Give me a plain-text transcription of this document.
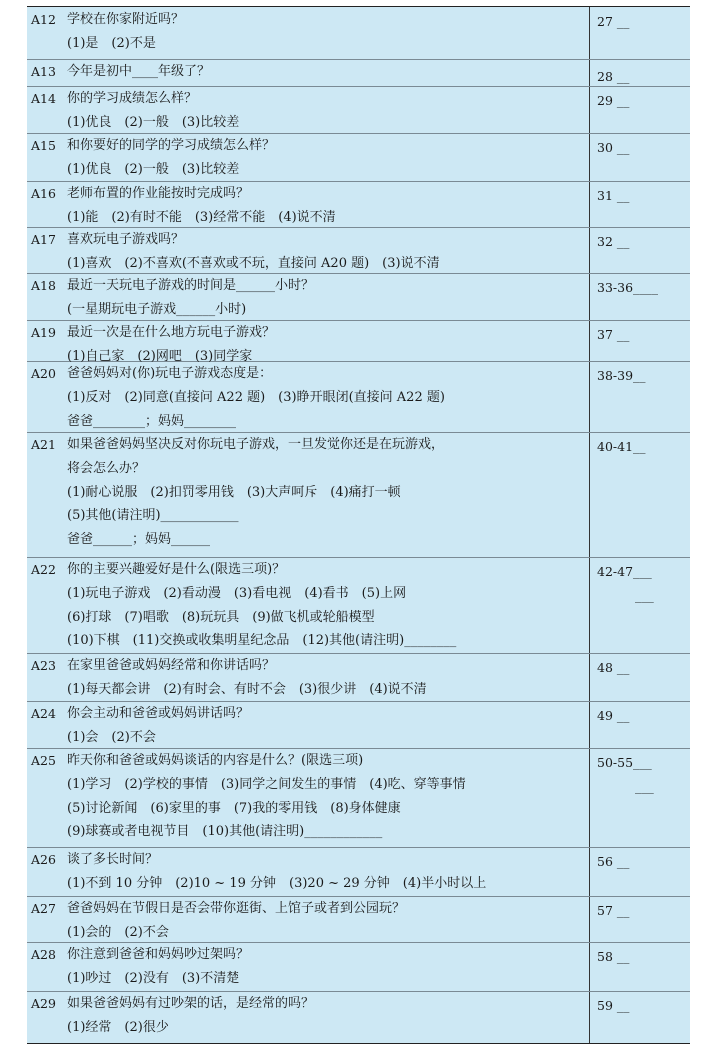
A12 学校在你家附近吗？
(1)是　(2)不是
27 __
A13 今年是初中____年级了？	28 __
A14 你的学习成绩怎么样？
(1)优良　(2)一般　(3)比较差
29 __
A15 和你要好的同学的学习成绩怎么样？
(1)优良　(2)一般　(3)比较差
30 __
A16 老师布置的作业能按时完成吗？
(1)能　(2)有时不能　(3)经常不能　(4)说不清
31 __
A17 喜欢玩电子游戏吗？
(1)喜欢　(2)不喜欢(不喜欢或不玩，直接问 A20 题)　(3)说不清
32 __
A18 最近一天玩电子游戏的时间是______小时？
(一星期玩电子游戏______小时)
33-36____
A19 最近一次是在什么地方玩电子游戏？
(1)自己家　(2)网吧　(3)同学家
37 __
A20 爸爸妈妈对(你)玩电子游戏态度是：
(1)反对　(2)同意(直接问 A22 题)　(3)睁开眼闭(直接问 A22 题)
爸爸________；妈妈________
38-39__
A21 如果爸爸妈妈坚决反对你玩电子游戏，一旦发觉你还是在玩游戏，
将会怎么办？
(1)耐心说服　(2)扣罚零用钱　(3)大声呵斥　(4)痛打一顿
(5)其他(请注明)____________
爸爸______；妈妈______
40-41__
A22 你的主要兴趣爱好是什么(限选三项)？
(1)玩电子游戏　(2)看动漫　(3)看电视　(4)看书　(5)上网
(6)打球　(7)唱歌　(8)玩玩具　(9)做飞机或轮船模型
(10)下棋　(11)交换或收集明星纪念品　(12)其他(请注明)________
42-47___
___
A23 在家里爸爸或妈妈经常和你讲话吗？
(1)每天都会讲　(2)有时会、有时不会　(3)很少讲　(4)说不清
48 __
A24 你会主动和爸爸或妈妈讲话吗？
(1)会　(2)不会
49 __
A25 昨天你和爸爸或妈妈谈话的内容是什么？(限选三项)
(1)学习　(2)学校的事情　(3)同学之间发生的事情　(4)吃、穿等事情
(5)讨论新闻　(6)家里的事　(7)我的零用钱　(8)身体健康
(9)球赛或者电视节目　(10)其他(请注明)____________
50-55___
___
A26 谈了多长时间？
(1)不到 10 分钟　(2)10 ~ 19 分钟　(3)20 ~ 29 分钟　(4)半小时以上
56 __
A27 爸爸妈妈在节假日是否会带你逛街、上馆子或者到公园玩？
(1)会的　(2)不会
57 __
A28 你注意到爸爸和妈妈吵过架吗？
(1)吵过　(2)没有　(3)不清楚
58 __
A29 如果爸爸妈妈有过吵架的话，是经常的吗？
(1)经常　(2)很少
59 __
